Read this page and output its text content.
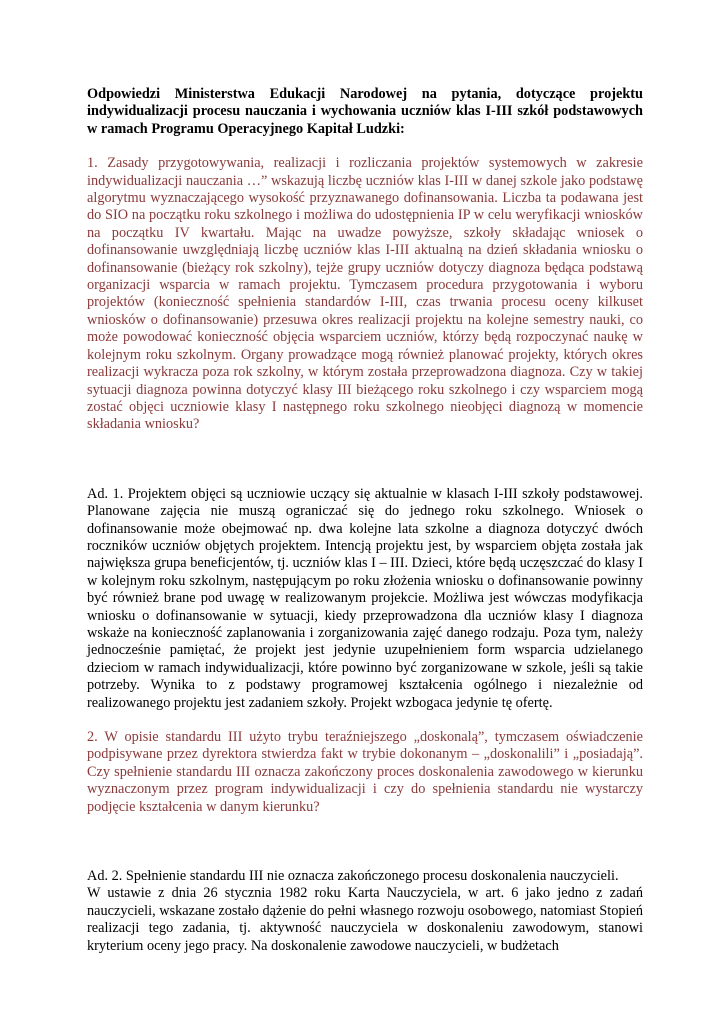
Odpowiedzi Ministerstwa Edukacji Narodowej na pytania, dotyczące projektu indywidualizacji procesu nauczania i wychowania uczniów klas I-III szkół podstawowych w ramach Programu Operacyjnego Kapitał Ludzki:

1. Zasady przygotowywania, realizacji i rozliczania projektów systemowych w zakresie indywidualizacji nauczania …” wskazują liczbę uczniów klas I-III w danej szkole jako podstawę algorytmu wyznaczającego wysokość przyznawanego dofinansowania. Liczba ta podawana jest do SIO na początku roku szkolnego i możliwa do udostępnienia IP w celu weryfikacji wniosków na początku IV kwartału. Mając na uwadze powyższe, szkoły składając wniosek o dofinansowanie uwzględniają liczbę uczniów klas I-III aktualną na dzień składania wniosku o dofinansowanie (bieżący rok szkolny), tejże grupy uczniów dotyczy diagnoza będąca podstawą organizacji wsparcia w ramach projektu. Tymczasem procedura przygotowania i wyboru projektów (konieczność spełnienia standardów I-III, czas trwania procesu oceny kilkuset wniosków o dofinansowanie) przesuwa okres realizacji projektu na kolejne semestry nauki, co może powodować konieczność objęcia wsparciem uczniów, którzy będą rozpoczynać naukę w kolejnym roku szkolnym. Organy prowadzące mogą również planować projekty, których okres realizacji wykracza poza rok szkolny, w którym została przeprowadzona diagnoza. Czy w takiej sytuacji diagnoza powinna dotyczyć klasy III bieżącego roku szkolnego i czy wsparciem mogą zostać objęci uczniowie klasy I następnego roku szkolnego nieobjęci diagnozą w momencie składania wniosku?

Ad. 1. Projektem objęci są uczniowie uczący się aktualnie w klasach I-III szkoły podstawowej. Planowane zajęcia nie muszą ograniczać się do jednego roku szkolnego. Wniosek o dofinansowanie może obejmować np. dwa kolejne lata szkolne a diagnoza dotyczyć dwóch roczników uczniów objętych projektem. Intencją projektu jest, by wsparciem objęta została jak największa grupa beneficjentów, tj. uczniów klas I – III. Dzieci, które będą uczęszczać do klasy I w kolejnym roku szkolnym, następującym po roku złożenia wniosku o dofinansowanie powinny być również brane pod uwagę w realizowanym projekcie. Możliwa jest wówczas modyfikacja wniosku o dofinansowanie w sytuacji, kiedy przeprowadzona dla uczniów klasy I diagnoza wskaże na konieczność zaplanowania i zorganizowania zajęć danego rodzaju. Poza tym, należy jednocześnie pamiętać, że projekt jest jedynie uzupełnieniem form wsparcia udzielanego dzieciom w ramach indywidualizacji, które powinno być zorganizowane w szkole, jeśli są takie potrzeby. Wynika to z podstawy programowej kształcenia ogólnego i niezależnie od realizowanego projektu jest zadaniem szkoły. Projekt wzbogaca jedynie tę ofertę.

2. W opisie standardu III użyto trybu teraźniejszego „doskonalą”, tymczasem oświadczenie podpisywane przez dyrektora stwierdza fakt w trybie dokonanym – „doskonalili” i „posiadają”. Czy spełnienie standardu III oznacza zakończony proces doskonalenia zawodowego w kierunku wyznaczonym przez program indywidualizacji i czy do spełnienia standardu nie wystarczy podjęcie kształcenia w danym kierunku?

Ad. 2. Spełnienie standardu III nie oznacza zakończonego procesu doskonalenia nauczycieli.
W ustawie z dnia 26 stycznia 1982 roku Karta Nauczyciela, w art. 6 jako jedno z zadań nauczycieli, wskazane zostało dążenie do pełni własnego rozwoju osobowego, natomiast Stopień realizacji tego zadania, tj. aktywność nauczyciela w doskonaleniu zawodowym, stanowi kryterium oceny jego pracy. Na doskonalenie zawodowe nauczycieli, w budżetach
